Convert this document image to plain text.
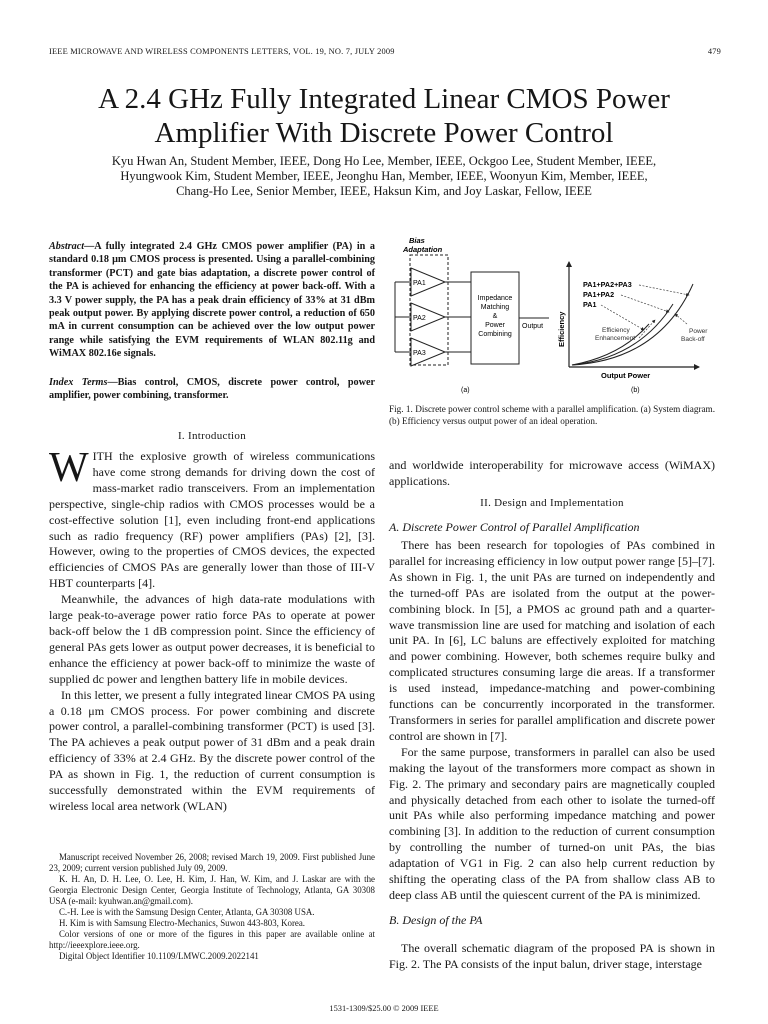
IEEE MICROWAVE AND WIRELESS COMPONENTS LETTERS, VOL. 19, NO. 7, JULY 2009	479
A 2.4 GHz Fully Integrated Linear CMOS Power
Amplifier With Discrete Power Control
Kyu Hwan An, Student Member, IEEE, Dong Ho Lee, Member, IEEE, Ockgoo Lee, Student Member, IEEE,
Hyungwook Kim, Student Member, IEEE, Jeonghu Han, Member, IEEE, Woonyun Kim, Member, IEEE,
Chang-Ho Lee, Senior Member, IEEE, Haksun Kim, and Joy Laskar, Fellow, IEEE
Abstract—A fully integrated 2.4 GHz CMOS power amplifier (PA) in a standard 0.18 μm CMOS process is presented. Using a parallel-combining transformer (PCT) and gate bias adaptation, a discrete power control of the PA is achieved for enhancing the efficiency at power back-off. With a 3.3 V power supply, the PA has a peak drain efficiency of 33% at 31 dBm peak output power. By applying discrete power control, a reduction of 650 mA in current consumption can be achieved over the low output power range while satisfying the EVM requirements of WLAN 802.11g and WiMAX 802.16e signals.
Index Terms—Bias control, CMOS, discrete power control, power amplifier, power combining, transformer.
I. Introduction

WITH the explosive growth of wireless communications have come strong demands for driving down the cost of mass-market radio transceivers. From an implementation perspective, single-chip radios with CMOS processes would be a cost-effective solution [1], even including front-end applications such as radio frequency (RF) power amplifiers (PAs) [2], [3]. However, owing to the properties of CMOS devices, the expected efficiencies of CMOS PAs are generally lower than those of III-V HBT counterparts [4].

Meanwhile, the advances of high data-rate modulations with large peak-to-average power ratio force PAs to operate at power back-off below the 1 dB compression point. Since the efficiency of general PAs gets lower as output power decreases, it is beneficial to enhance the efficiency at power back-off to minimize the waste of supplied dc power and lengthen battery life in mobile devices.

In this letter, we present a fully integrated linear CMOS PA using a 0.18 μm CMOS process. For power combining and discrete power control, a parallel-combining transformer (PCT) is used [3]. The PA achieves a peak output power of 31 dBm and a peak drain efficiency of 33% at 2.4 GHz. By the discrete power control of the PA as shown in Fig. 1, the reduction of current consumption is successfully demonstrated within the EVM requirements of wireless local area network (WLAN)

Manuscript received November 26, 2008; revised March 19, 2009. First published June 23, 2009; current version published July 09, 2009.

K. H. An, D. H. Lee, O. Lee, H. Kim, J. Han, W. Kim, and J. Laskar are with the Georgia Electronic Design Center, Georgia Institute of Technology, Atlanta, GA 30308 USA (e-mail: kyuhwan.an@gmail.com).

C.-H. Lee is with the Samsung Design Center, Atlanta, GA 30308 USA.

H. Kim is with Samsung Electro-Mechanics, Suwon 443-803, Korea.

Color versions of one or more of the figures in this paper are available online at http://ieeexplore.ieee.org.

Digital Object Identifier 10.1109/LMWC.2009.2022141

Bias
Adaptation
PA1
PA2
PA3
Impedance
Matching
&
Power
Combining
Output
(a)
Efficiency
Output Power
PA1+PA2+PA3
PA1+PA2
PA1
Efficiency
Enhancement
Power
Back-off
(b)
Fig. 1. Discrete power control scheme with a parallel amplification. (a) System diagram. (b) Efficiency versus output power of an ideal operation.

and worldwide interoperability for microwave access (WiMAX) applications.

II. Design and Implementation
A. Discrete Power Control of Parallel Amplification

There has been research for topologies of PAs combined in parallel for increasing efficiency in low output power range [5]–[7]. As shown in Fig. 1, the unit PAs are turned on independently and the turned-off PAs are isolated from the output at the power-combining block. In [5], a PMOS ac ground path and a quarter-wave transmission line are used for matching and isolation of each unit PA. In [6], LC baluns are effectively exploited for matching and power combining. However, both schemes require bulky and complicated structures consuming large die areas. If a transformer is used instead, impedance-matching and power-combining functions can be concurrently incorporated in the transformer. Transformers in series for parallel amplification and discrete power control are shown in [7].

For the same purpose, transformers in parallel can also be used making the layout of the transformers more compact as shown in Fig. 2. The primary and secondary pairs are magnetically coupled and physically detached from each other to isolate the turned-off unit PAs while also performing impedance matching and power combining [3]. In addition to the reduction of current consumption by controlling the number of turned-on unit PAs, the bias adaptation of VG1 in Fig. 2 can also help current reduction by shifting the operating class of the PA from shallow class AB to deep class AB until the quiescent current of the PA is minimized.

B. Design of the PA

The overall schematic diagram of the proposed PA is shown in Fig. 2. The PA consists of the input balun, driver stage, interstage

1531-1309/$25.00 © 2009 IEEE
